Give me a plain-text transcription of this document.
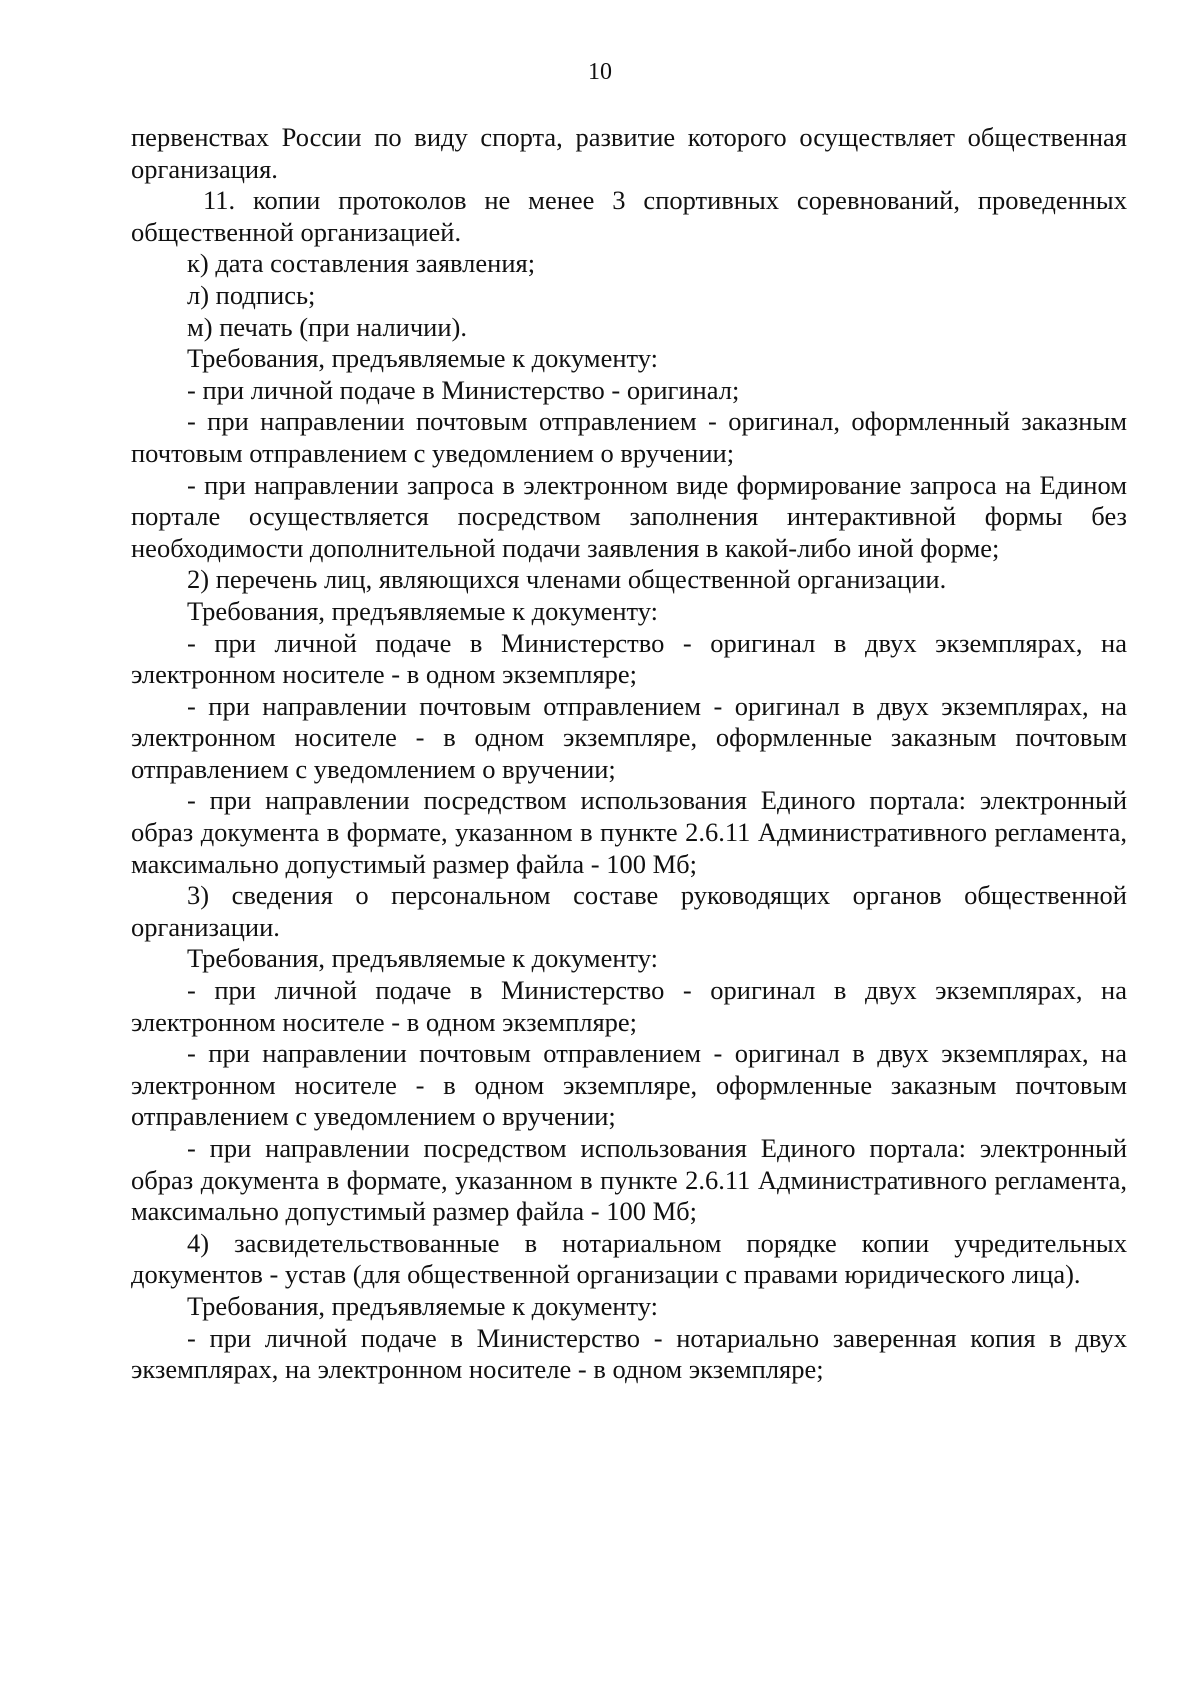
10

первенствах России по виду спорта, развитие которого осуществляет общественная организация.

11. копии протоколов не менее 3 спортивных соревнований, проведенных общественной организацией.

к) дата составления заявления;

л) подпись;

м) печать (при наличии).

Требования, предъявляемые к документу:

- при личной подаче в Министерство - оригинал;

- при направлении почтовым отправлением - оригинал, оформленный заказным почтовым отправлением с уведомлением о вручении;

- при направлении запроса в электронном виде формирование запроса на Едином портале осуществляется посредством заполнения интерактивной формы без необходимости дополнительной подачи заявления в какой-либо иной форме;

2) перечень лиц, являющихся членами общественной организации.

Требования, предъявляемые к документу:

- при личной подаче в Министерство - оригинал в двух экземплярах, на электронном носителе - в одном экземпляре;

- при направлении почтовым отправлением - оригинал в двух экземплярах, на электронном носителе - в одном экземпляре, оформленные заказным почтовым отправлением с уведомлением о вручении;

- при направлении посредством использования Единого портала: электронный образ документа в формате, указанном в пункте 2.6.11 Административного регламента, максимально допустимый размер файла - 100 Мб;

3) сведения о персональном составе руководящих органов общественной организации.

Требования, предъявляемые к документу:

- при личной подаче в Министерство - оригинал в двух экземплярах, на электронном носителе - в одном экземпляре;

- при направлении почтовым отправлением - оригинал в двух экземплярах, на электронном носителе - в одном экземпляре, оформленные заказным почтовым отправлением с уведомлением о вручении;

- при направлении посредством использования Единого портала: электронный образ документа в формате, указанном в пункте 2.6.11 Административного регламента, максимально допустимый размер файла - 100 Мб;

4) засвидетельствованные в нотариальном порядке копии учредительных документов - устав (для общественной организации с правами юридического лица).

Требования, предъявляемые к документу:

- при личной подаче в Министерство - нотариально заверенная копия в двух экземплярах, на электронном носителе - в одном экземпляре;
